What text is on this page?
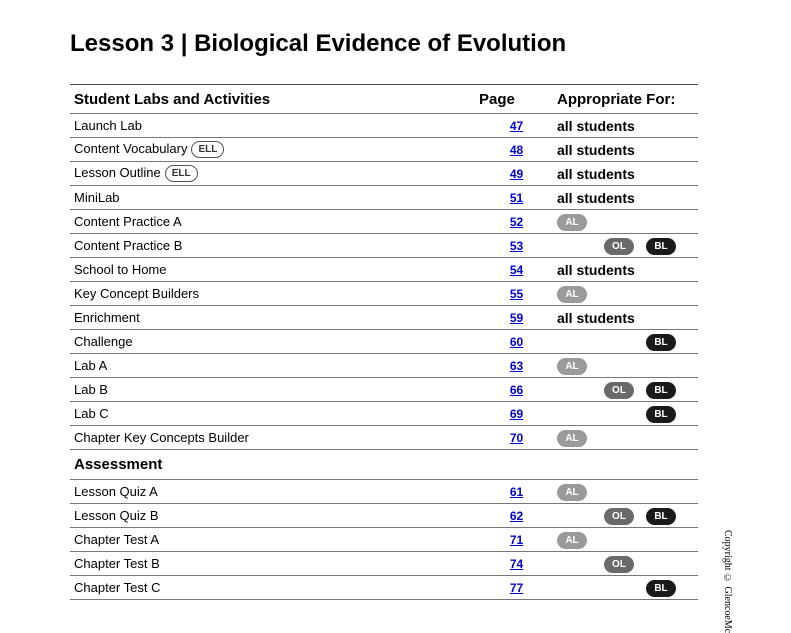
Lesson 3 | Biological Evidence of Evolution
Student Labs and Activities	Page	Appropriate For:
Launch Lab	47	all students

Content Vocabulary ELL	48	all students

Lesson Outline ELL	49	all students

MiniLab	51	all students

Content Practice A	52	AL

Content Practice B	53	OL BL

School to Home	54	all students

Key Concept Builders	55	AL

Enrichment	59	all students

Challenge	60	BL

Lab A	63	AL

Lab B	66	OL BL

Lab C	69	BL

Chapter Key Concepts Builder	70	AL

Assessment		
Lesson Quiz A	61	AL

Lesson Quiz B	62	OL BL

Chapter Test A	71	AL

Chapter Test B	74	OL

Chapter Test C	77	BL	Copyright © GlencoeMc
